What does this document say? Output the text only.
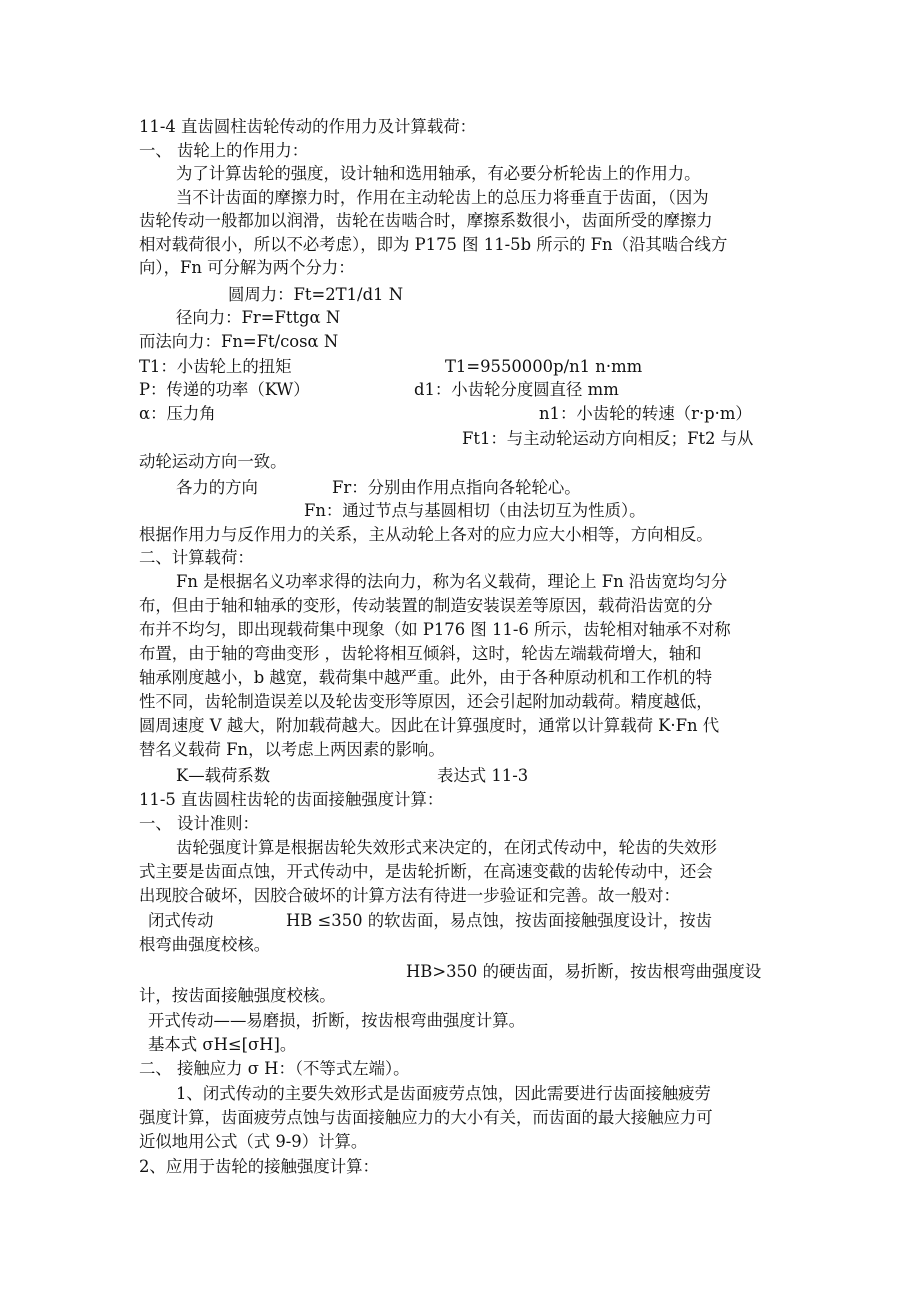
11-4 直齿圆柱齿轮传动的作用力及计算载荷：
一、 齿轮上的作用力：
为了计算齿轮的强度，设计轴和选用轴承，有必要分析轮齿上的作用力。
当不计齿面的摩擦力时，作用在主动轮齿上的总压力将垂直于齿面，（因为
齿轮传动一般都加以润滑，齿轮在齿啮合时，摩擦系数很小，齿面所受的摩擦力
相对载荷很小，所以不必考虑），即为 P175 图 11-5b 所示的 Fn（沿其啮合线方
向），Fn 可分解为两个分力：
圆周力：Ft=2T1/d1 N
径向力：Fr=Fttgα N
而法向力：Fn=Ft/cosα N
T1：小齿轮上的扭矩	T1=9550000p/n1 n·mm
P：传递的功率（KW）	d1：小齿轮分度圆直径 mm
α：压力角	n1：小齿轮的转速（r·p·m）
Ft1：与主动轮运动方向相反；Ft2 与从
动轮运动方向一致。
各力的方向	Fr：分别由作用点指向各轮轮心。
Fn：通过节点与基圆相切（由法切互为性质）。
根据作用力与反作用力的关系，主从动轮上各对的应力应大小相等，方向相反。
二、计算载荷：
Fn 是根据名义功率求得的法向力，称为名义载荷，理论上 Fn 沿齿宽均匀分
布，但由于轴和轴承的变形，传动装置的制造安装误差等原因，载荷沿齿宽的分
布并不均匀，即出现载荷集中现象（如 P176 图 11-6 所示，齿轮相对轴承不对称
布置，由于轴的弯曲变形 ，齿轮将相互倾斜，这时，轮齿左端载荷增大，轴和
轴承刚度越小，b 越宽，载荷集中越严重。此外，由于各种原动机和工作机的特
性不同，齿轮制造误差以及轮齿变形等原因，还会引起附加动载荷。精度越低，
圆周速度 V 越大，附加载荷越大。因此在计算强度时，通常以计算载荷 K·Fn 代
替名义载荷 Fn，以考虑上两因素的影响。
K—载荷系数	表达式 11-3
11-5 直齿圆柱齿轮的齿面接触强度计算：
一、 设计准则：
齿轮强度计算是根据齿轮失效形式来决定的，在闭式传动中，轮齿的失效形
式主要是齿面点蚀，开式传动中，是齿轮折断，在高速变截的齿轮传动中，还会
出现胶合破坏，因胶合破坏的计算方法有待进一步验证和完善。故一般对：
闭式传动	HB ≤350 的软齿面，易点蚀，按齿面接触强度设计，按齿
根弯曲强度校核。
HB>350 的硬齿面，易折断，按齿根弯曲强度设
计，按齿面接触强度校核。
开式传动——易磨损，折断，按齿根弯曲强度计算。
基本式 σH≤[σH]。
二、 接触应力 σ H：（不等式左端）。
1、闭式传动的主要失效形式是齿面疲劳点蚀，因此需要进行齿面接触疲劳
强度计算，齿面疲劳点蚀与齿面接触应力的大小有关，而齿面的最大接触应力可
近似地用公式（式 9-9）计算。
2、应用于齿轮的接触强度计算：
